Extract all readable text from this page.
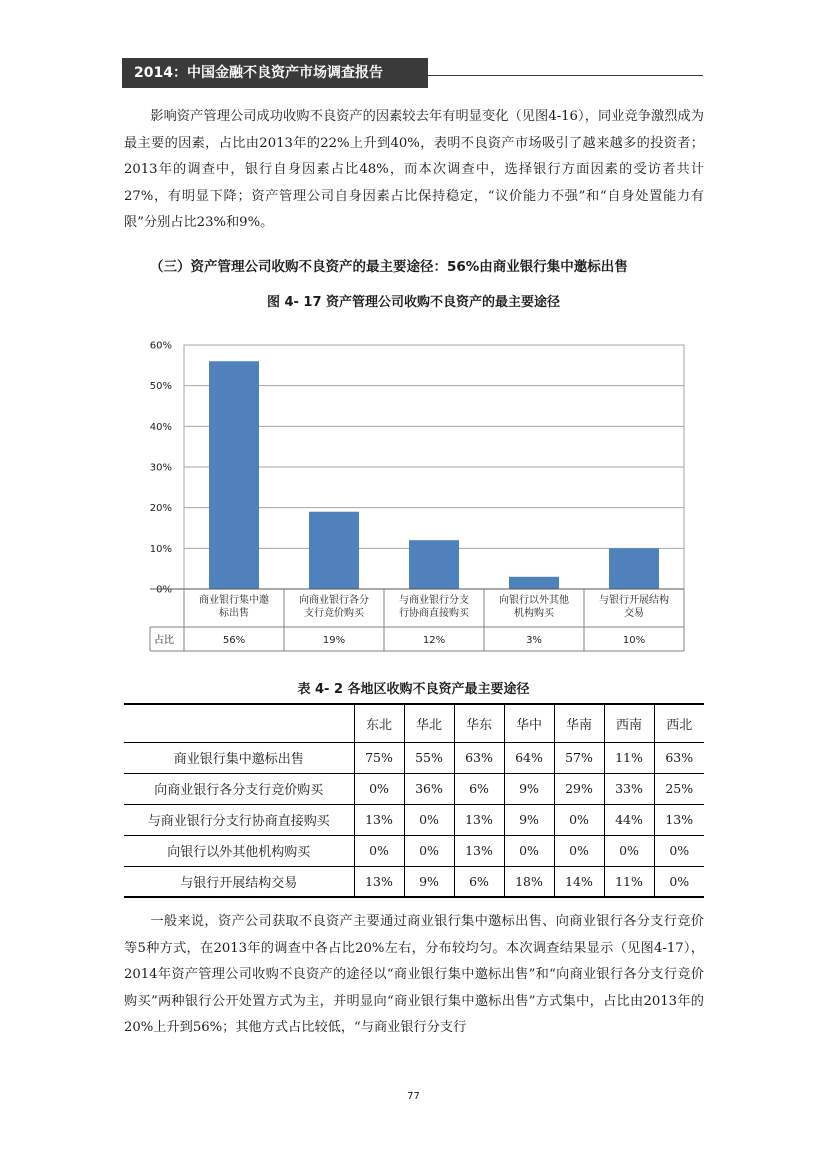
2014：中国金融不良资产市场调查报告

影响资产管理公司成功收购不良资产的因素较去年有明显变化（见图4-16），同业竞争激烈成为最主要的因素，占比由2013年的22%上升到40%，表明不良资产市场吸引了越来越多的投资者；2013年的调查中，银行自身因素占比48%，而本次调查中，选择银行方面因素的受访者共计27%，有明显下降；资产管理公司自身因素占比保持稳定，“议价能力不强”和“自身处置能力有限”分别占比23%和9%。

（三）资产管理公司收购不良资产的最主要途径：56%由商业银行集中邀标出售
图 4- 17 资产管理公司收购不良资产的最主要途径
0%
10%
20%
30%
40%
50%
60%
商业银行集中邀
标出售
向商业银行各分
支行竞价购买
与商业银行分支
行协商直接购买
向银行以外其他
机构购买
与银行开展结构
交易
占比	56%	19%	12%	3%	10%
表 4- 2 各地区收购不良资产最主要途径
	东北	华北	华东	华中	华南	西南	西北
商业银行集中邀标出售	75%	55%	63%	64%	57%	11%	63%
向商业银行各分支行竞价购买	0%	36%	6%	9%	29%	33%	25%
与商业银行分支行协商直接购买	13%	0%	13%	9%	0%	44%	13%
向银行以外其他机构购买	0%	0%	13%	0%	0%	0%	0%
与银行开展结构交易	13%	9%	6%	18%	14%	11%	0%

一般来说，资产公司获取不良资产主要通过商业银行集中邀标出售、向商业银行各分支行竞价等5种方式，在2013年的调查中各占比20%左右，分布较均匀。本次调查结果显示（见图4-17），2014年资产管理公司收购不良资产的途径以“商业银行集中邀标出售”和“向商业银行各分支行竞价购买”两种银行公开处置方式为主，并明显向“商业银行集中邀标出售”方式集中，占比由2013年的20%上升到56%；其他方式占比较低，“与商业银行分支行

77
